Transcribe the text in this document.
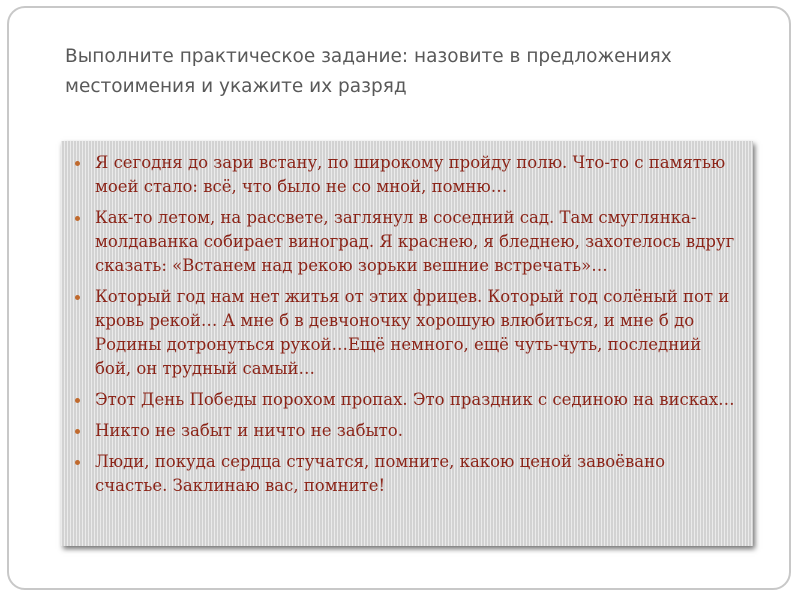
Выполните практическое задание: назовите в предложениях местоимения и укажите их разряд
Я сегодня до зари встану, по широкому пройду полю. Что-то с памятью моей стало: всё, что было не со мной, помню…
Как-то летом, на рассвете, заглянул в соседний сад. Там смуглянка-молдаванка собирает виноград. Я краснею, я бледнею, захотелось вдруг сказать: «Встанем над рекою зорьки вешние встречать»…
Который год нам нет житья от этих фрицев. Который год солёный пот и кровь рекой… А мне б в девчоночку хорошую влюбиться, и мне б до Родины дотронуться рукой…Ещё немного, ещё чуть-чуть, последний бой, он трудный самый…
Этот День Победы порохом пропах. Это праздник с сединою на висках…
Никто не забыт и ничто не забыто.
Люди, покуда сердца стучатся, помните, какою ценой завоёвано счастье. Заклинаю вас, помните!
